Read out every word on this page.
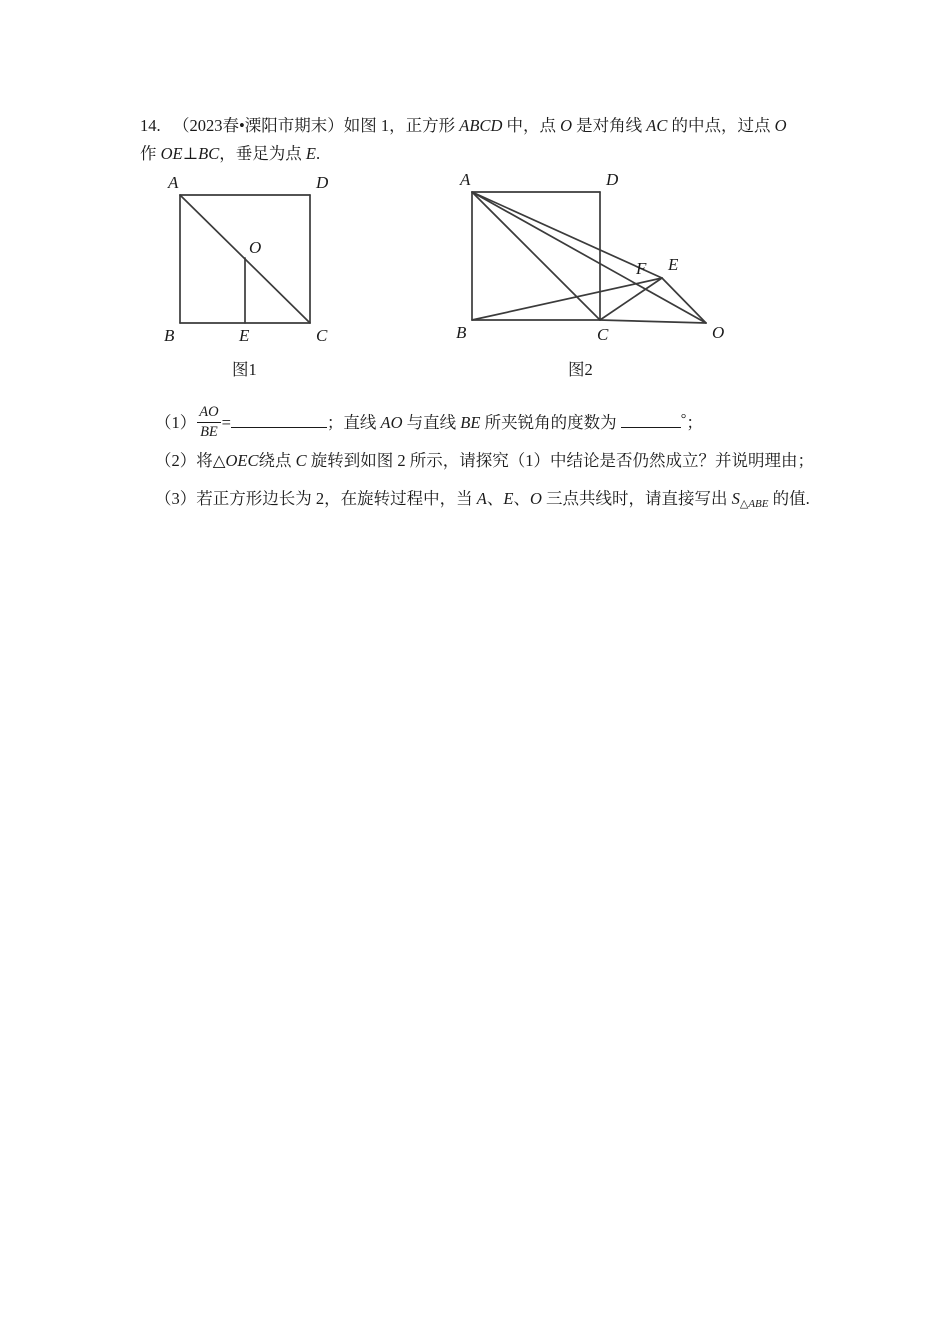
14. （2023春•溧阳市期末）如图 1，正方形 ABCD 中，点 O 是对角线 AC 的中点，过点 O
作 OE⊥BC，垂足为点 E.
A	D
B	C
O
E
A	D
B	C
F E
O
图1	图2
$(1) \frac{AO}{BE}$ =	；直线 AO 与直线 BE 所夹锐角的度数为	°；
（2）将△OEC绕点 C 旋转到如图 2 所示，请探究（1）中结论是否仍然成立？并说明理由；
（3）若正方形边长为 2，在旋转过程中，当 A、E、O 三点共线时，请直接写出 $S_{\triangle ABE}$ 的值.
